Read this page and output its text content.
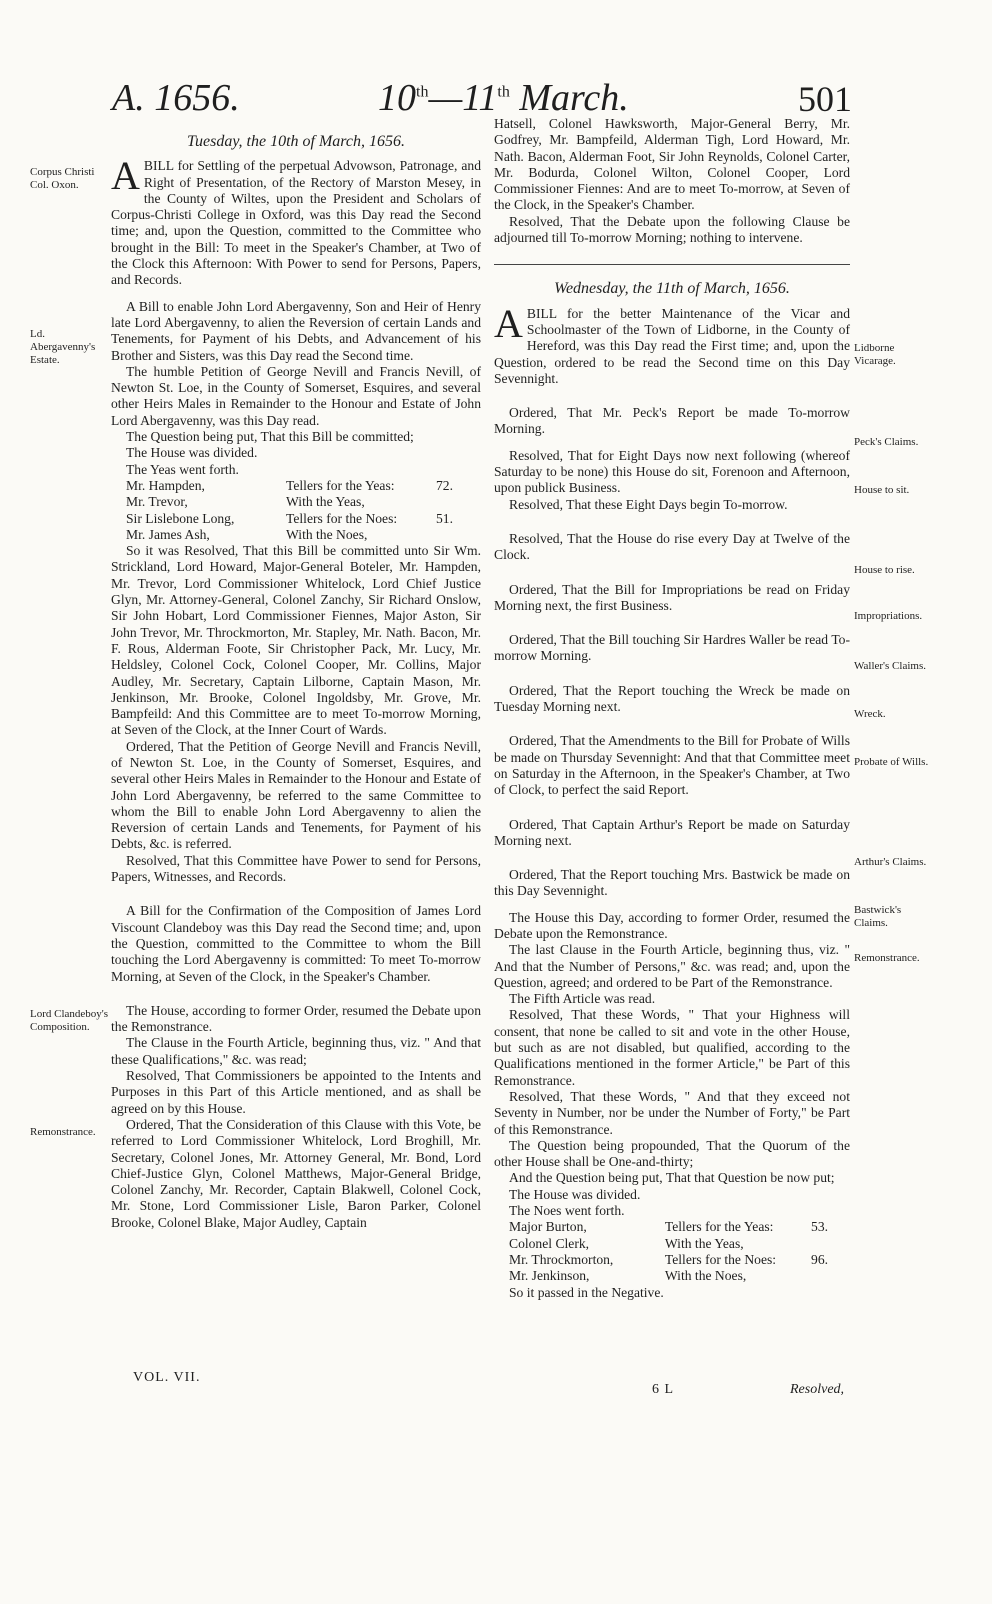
A. 1656.	10th—11th March.	501
Corpus Christi Col. Oxon.
Ld. Abergavenny's Estate.
Lord Clandeboy's Composition.
Remonstrance.
Lidborne Vicarage.
Peck's Claims.
House to sit.
House to rise.
Impropriations.
Waller's Claims.
Wreck.
Probate of Wills.
Arthur's Claims.
Bastwick's Claims.
Remonstrance.
Tuesday, the 10th of March, 1656.

ABILL for Settling of the perpetual Advowson, Patronage, and Right of Presentation, of the Rectory of Marston Mesey, in the County of Wiltes, upon the President and Scholars of Corpus-Christi College in Oxford, was this Day read the Second time; and, upon the Question, committed to the Committee who brought in the Bill: To meet in the Speaker's Chamber, at Two of the Clock this Afternoon: With Power to send for Persons, Papers, and Records.

A Bill to enable John Lord Abergavenny, Son and Heir of Henry late Lord Abergavenny, to alien the Reversion of certain Lands and Tenements, for Payment of his Debts, and Advancement of his Brother and Sisters, was this Day read the Second time.

The humble Petition of George Nevill and Francis Nevill, of Newton St. Loe, in the County of Somerset, Esquires, and several other Heirs Males in Remainder to the Honour and Estate of John Lord Abergavenny, was this Day read.

The Question being put, That this Bill be committed;

The House was divided.

The Yeas went forth.

Mr. Hampden,	Tellers for the Yeas:	72.
Mr. Trevor,	With the Yeas,
Sir Lislebone Long,	Tellers for the Noes:	51.
Mr. James Ash,	With the Noes,

So it was Resolved, That this Bill be committed unto Sir Wm. Strickland, Lord Howard, Major-General Boteler, Mr. Hampden, Mr. Trevor, Lord Commissioner Whitelock, Lord Chief Justice Glyn, Mr. Attorney-General, Colonel Zanchy, Sir Richard Onslow, Sir John Hobart, Lord Commissioner Fiennes, Major Aston, Sir John Trevor, Mr. Throckmorton, Mr. Stapley, Mr. Nath. Bacon, Mr. F. Rous, Alderman Foote, Sir Christopher Pack, Mr. Lucy, Mr. Heldsley, Colonel Cock, Colonel Cooper, Mr. Collins, Major Audley, Mr. Secretary, Captain Lilborne, Captain Mason, Mr. Jenkinson, Mr. Brooke, Colonel Ingoldsby, Mr. Grove, Mr. Bampfeild: And this Committee are to meet To-morrow Morning, at Seven of the Clock, at the Inner Court of Wards.

Ordered, That the Petition of George Nevill and Francis Nevill, of Newton St. Loe, in the County of Somerset, Esquires, and several other Heirs Males in Remainder to the Honour and Estate of John Lord Abergavenny, be referred to the same Committee to whom the Bill to enable John Lord Abergavenny to alien the Reversion of certain Lands and Tenements, for Payment of his Debts, &c. is referred.

Resolved, That this Committee have Power to send for Persons, Papers, Witnesses, and Records.

A Bill for the Confirmation of the Composition of James Lord Viscount Clandeboy was this Day read the Second time; and, upon the Question, committed to the Committee to whom the Bill touching the Lord Abergavenny is committed: To meet To-morrow Morning, at Seven of the Clock, in the Speaker's Chamber.

The House, according to former Order, resumed the Debate upon the Remonstrance.

The Clause in the Fourth Article, beginning thus, viz. " And that these Qualifications," &c. was read;

Resolved, That Commissioners be appointed to the Intents and Purposes in this Part of this Article mentioned, and as shall be agreed on by this House.

Ordered, That the Consideration of this Clause with this Vote, be referred to Lord Commissioner Whitelock, Lord Broghill, Mr. Secretary, Colonel Jones, Mr. Attorney General, Mr. Bond, Lord Chief-Justice Glyn, Colonel Matthews, Major-General Bridge, Colonel Zanchy, Mr. Recorder, Captain Blakwell, Colonel Cock, Mr. Stone, Lord Commissioner Lisle, Baron Parker, Colonel Brooke, Colonel Blake, Major Audley, Captain

VOL. VII.

Hatsell, Colonel Hawksworth, Major-General Berry, Mr. Godfrey, Mr. Bampfeild, Alderman Tigh, Lord Howard, Mr. Nath. Bacon, Alderman Foot, Sir John Reynolds, Colonel Carter, Mr. Bodurda, Colonel Wilton, Colonel Cooper, Lord Commissioner Fiennes: And are to meet To-morrow, at Seven of the Clock, in the Speaker's Chamber.

Resolved, That the Debate upon the following Clause be adjourned till To-morrow Morning; nothing to intervene.

Wednesday, the 11th of March, 1656.

ABILL for the better Maintenance of the Vicar and Schoolmaster of the Town of Lidborne, in the County of Hereford, was this Day read the First time; and, upon the Question, ordered to be read the Second time on this Day Sevennight.

Ordered, That Mr. Peck's Report be made To-morrow Morning.

Resolved, That for Eight Days now next following (whereof Saturday to be none) this House do sit, Forenoon and Afternoon, upon publick Business.

Resolved, That these Eight Days begin To-morrow.

Resolved, That the House do rise every Day at Twelve of the Clock.

Ordered, That the Bill for Impropriations be read on Friday Morning next, the first Business.

Ordered, That the Bill touching Sir Hardres Waller be read To-morrow Morning.

Ordered, That the Report touching the Wreck be made on Tuesday Morning next.

Ordered, That the Amendments to the Bill for Probate of Wills be made on Thursday Sevennight: And that that Committee meet on Saturday in the Afternoon, in the Speaker's Chamber, at Two of Clock, to perfect the said Report.

Ordered, That Captain Arthur's Report be made on Saturday Morning next.

Ordered, That the Report touching Mrs. Bastwick be made on this Day Sevennight.

The House this Day, according to former Order, resumed the Debate upon the Remonstrance.

The last Clause in the Fourth Article, beginning thus, viz. " And that the Number of Persons," &c. was read; and, upon the Question, agreed; and ordered to be Part of the Remonstrance.

The Fifth Article was read.

Resolved, That these Words, " That your Highness will consent, that none be called to sit and vote in the other House, but such as are not disabled, but qualified, according to the Qualifications mentioned in the former Article," be Part of this Remonstrance.

Resolved, That these Words, " And that they exceed not Seventy in Number, nor be under the Number of Forty," be Part of this Remonstrance.

The Question being propounded, That the Quorum of the other House shall be One-and-thirty;

And the Question being put, That that Question be now put;

The House was divided.

The Noes went forth.

Major Burton,	Tellers for the Yeas:	53.
Colonel Clerk,	With the Yeas,
Mr. Throckmorton,	Tellers for the Noes:	96.
Mr. Jenkinson,	With the Noes,

So it passed in the Negative.

6 L	Resolved,
